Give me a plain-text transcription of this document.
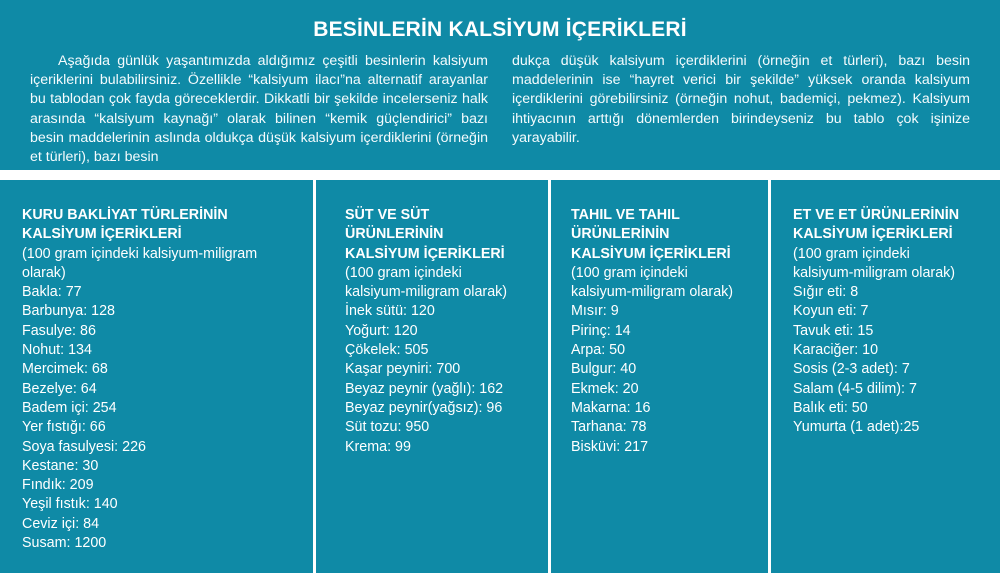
BESİNLERİN KALSİYUM İÇERİKLERİ
Aşağıda günlük yaşantımızda aldığımız çeşitli besinlerin kalsiyum içeriklerini bulabilirsiniz. Özellikle “kalsiyum ilacı”na alternatif arayanlar bu tablodan çok fayda göreceklerdir. Dikkatli bir şekilde incelerseniz halk arasında “kalsiyum kaynağı” olarak bilinen “kemik güçlendirici” bazı besin maddelerinin aslında oldukça düşük kalsiyum içerdiklerini (örneğin et türleri), bazı besin
dukça düşük kalsiyum içerdiklerini (örneğin et türleri), bazı besin maddelerinin ise “hayret verici bir şekilde” yüksek oranda kalsiyum içerdiklerini görebilirsiniz (örneğin nohut, bademiçi, pekmez). Kalsiyum ihtiyacının arttığı dönemlerden birindeyseniz bu tablo çok işinize yarayabilir.
KURU BAKLİYAT TÜRLERİNİN
KALSİYUM İÇERİKLERİ
(100 gram içindeki kalsiyum-miligram
olarak)
Bakla: 77
Barbunya: 128
Fasulye: 86
Nohut: 134
Mercimek: 68
Bezelye: 64
Badem içi: 254
Yer fıstığı: 66
Soya fasulyesi: 226
Kestane: 30
Fındık: 209
Yeşil fıstık: 140
Ceviz içi: 84
Susam: 1200
SÜT VE SÜT
ÜRÜNLERİNİN
KALSİYUM İÇERİKLERİ
(100 gram içindeki
kalsiyum-miligram olarak)
İnek sütü: 120
Yoğurt: 120
Çökelek: 505
Kaşar peyniri: 700
Beyaz peynir (yağlı): 162
Beyaz peynir(yağsız): 96
Süt tozu: 950
Krema: 99
TAHIL VE TAHIL
ÜRÜNLERİNİN
KALSİYUM İÇERİKLERİ
(100 gram içindeki
kalsiyum-miligram olarak)
Mısır: 9
Pirinç: 14
Arpa: 50
Bulgur: 40
Ekmek: 20
Makarna: 16
Tarhana: 78
Bisküvi: 217
ET VE ET ÜRÜNLERİNİN
KALSİYUM İÇERİKLERİ
(100 gram içindeki
kalsiyum-miligram olarak)
Sığır eti: 8
Koyun eti: 7
Tavuk eti: 15
Karaciğer: 10
Sosis (2-3 adet): 7
Salam (4-5 dilim): 7
Balık eti: 50
Yumurta (1 adet):25
